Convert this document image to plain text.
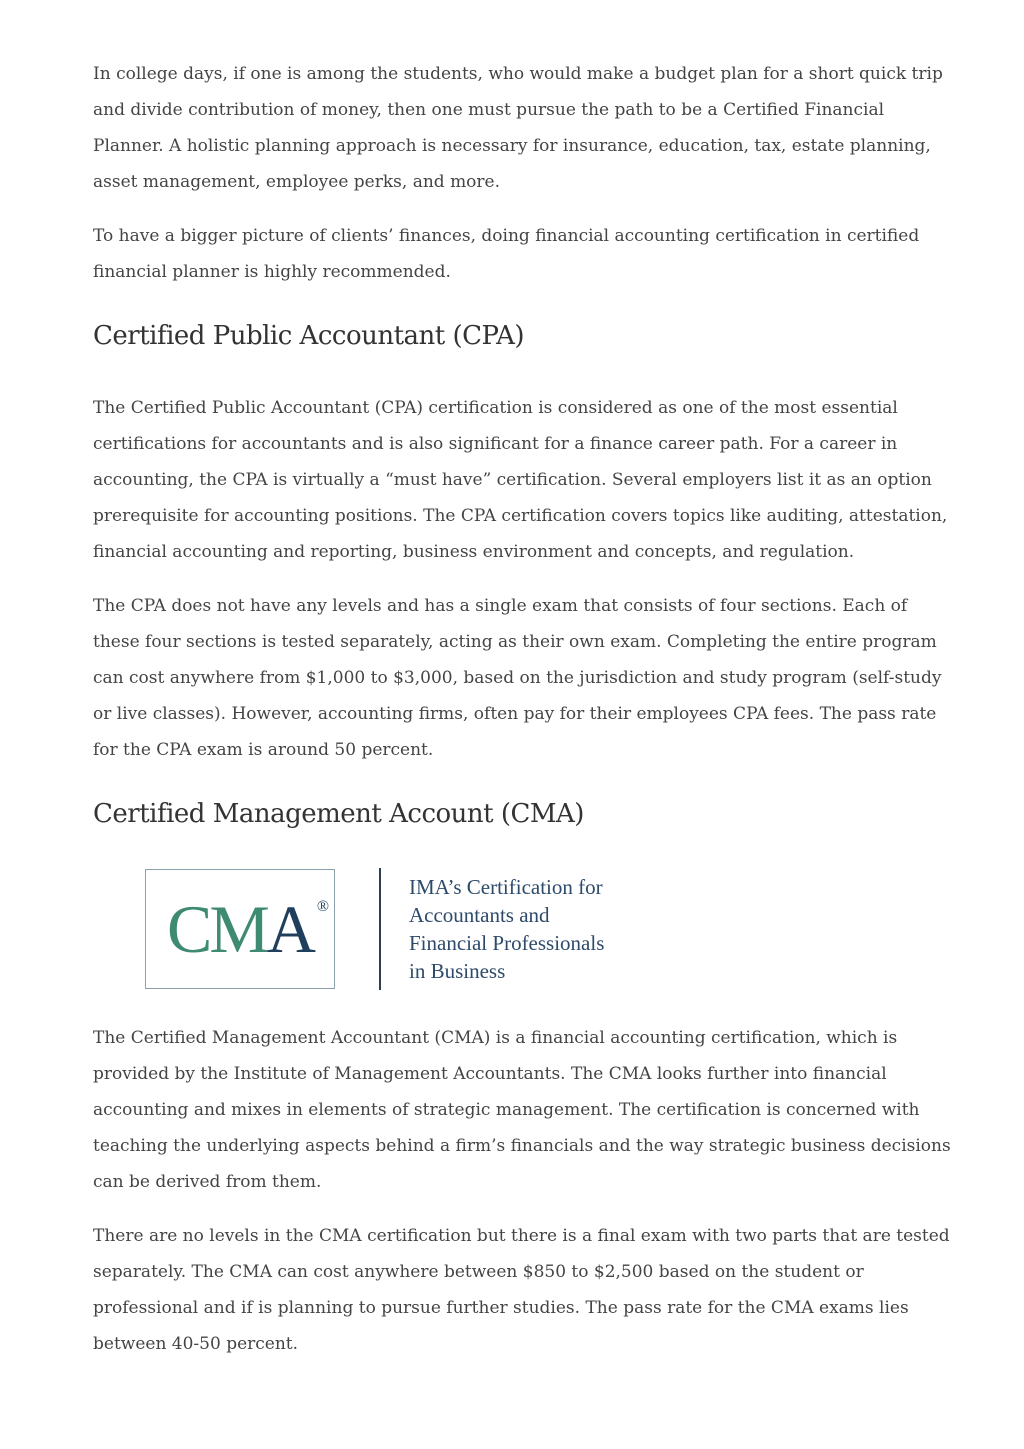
In college days, if one is among the students, who would make a budget plan for a short quick trip and divide contribution of money, then one must pursue the path to be a Certified Financial Planner. A holistic planning approach is necessary for insurance, education, tax, estate planning, asset management, employee perks, and more.

To have a bigger picture of clients’ finances, doing financial accounting certification in certified financial planner is highly recommended.

Certified Public Accountant (CPA)

The Certified Public Accountant (CPA) certification is considered as one of the most essential certifications for accountants and is also significant for a finance career path. For a career in accounting, the CPA is virtually a “must have” certification. Several employers list it as an option prerequisite for accounting positions. The CPA certification covers topics like auditing, attestation, financial accounting and reporting, business environment and concepts, and regulation.

The CPA does not have any levels and has a single exam that consists of four sections. Each of these four sections is tested separately, acting as their own exam. Completing the entire program can cost anywhere from $1,000 to $3,000, based on the jurisdiction and study program (self-study or live classes). However, accounting firms, often pay for their employees CPA fees. The pass rate for the CPA exam is around 50 percent.

Certified Management Account (CMA)
CMA ®
IMA’s Certification for
Accountants and
Financial Professionals
in Business

The Certified Management Accountant (CMA) is a financial accounting certification, which is provided by the Institute of Management Accountants. The CMA looks further into financial accounting and mixes in elements of strategic management. The certification is concerned with teaching the underlying aspects behind a firm’s financials and the way strategic business decisions can be derived from them.

There are no levels in the CMA certification but there is a final exam with two parts that are tested separately. The CMA can cost anywhere between $850 to $2,500 based on the student or professional and if is planning to pursue further studies. The pass rate for the CMA exams lies between 40-50 percent.
